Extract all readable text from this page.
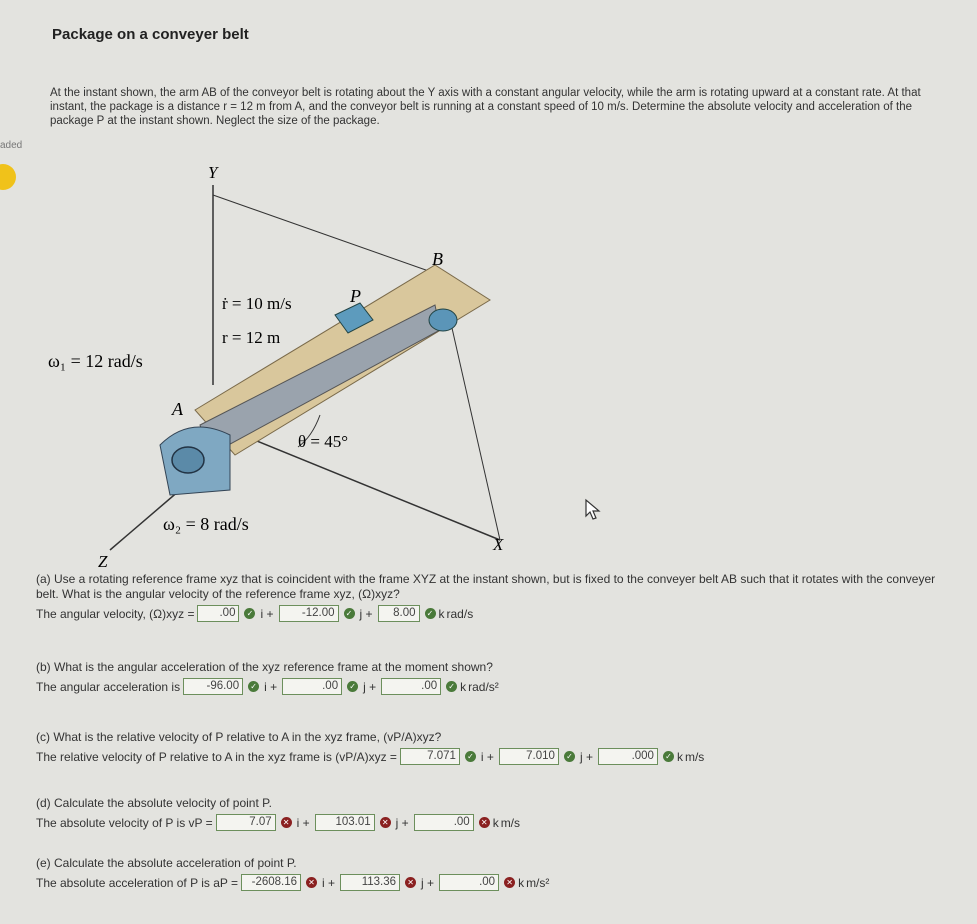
aded
Package on a conveyer belt
At the instant shown, the arm AB of the conveyor belt is rotating about the Y axis with a constant angular velocity, while the arm is rotating upward at a constant rate. At that instant, the package is a distance r = 12 m from A, and the conveyor belt is running at a constant speed of 10 m/s. Determine the absolute velocity and acceleration of the package P at the instant shown. Neglect the size of the package.
Y
X
Z
A
B
P
ṙ = 10 m/s
r = 12 m
ω₁ = 12 rad/s
ω₂ = 8 rad/s
θ = 45°
(a) Use a rotating reference frame xyz that is coincident with the frame XYZ at the instant shown, but is fixed to the conveyer belt AB such that it rotates with the conveyer belt. What is the angular velocity of the reference frame xyz, (Ω)xyz?
The angular velocity, (Ω)xyz =	.00	✓ i +	-12.00	✓ j +	8.00	✓ k rad/s
(b) What is the angular acceleration of the xyz reference frame at the moment shown?
The angular acceleration is	-96.00	✓ i +	.00	✓ j +	.00	✓ k rad/s²
(c) What is the relative velocity of P relative to A in the xyz frame, (vP/A)xyz?
The relative velocity of P relative to A in the xyz frame is (vP/A)xyz =	7.071	✓ i +	7.010	✓ j +	.000	✓ k m/s
(d) Calculate the absolute velocity of point P.
The absolute velocity of P is vP =	7.07	✕ i +	103.01	✕ j +	.00	✕ k m/s
(e) Calculate the absolute acceleration of point P.
The absolute acceleration of P is aP =	-2608.16	✕ i +	113.36	✕ j +	.00	✕ k m/s²
